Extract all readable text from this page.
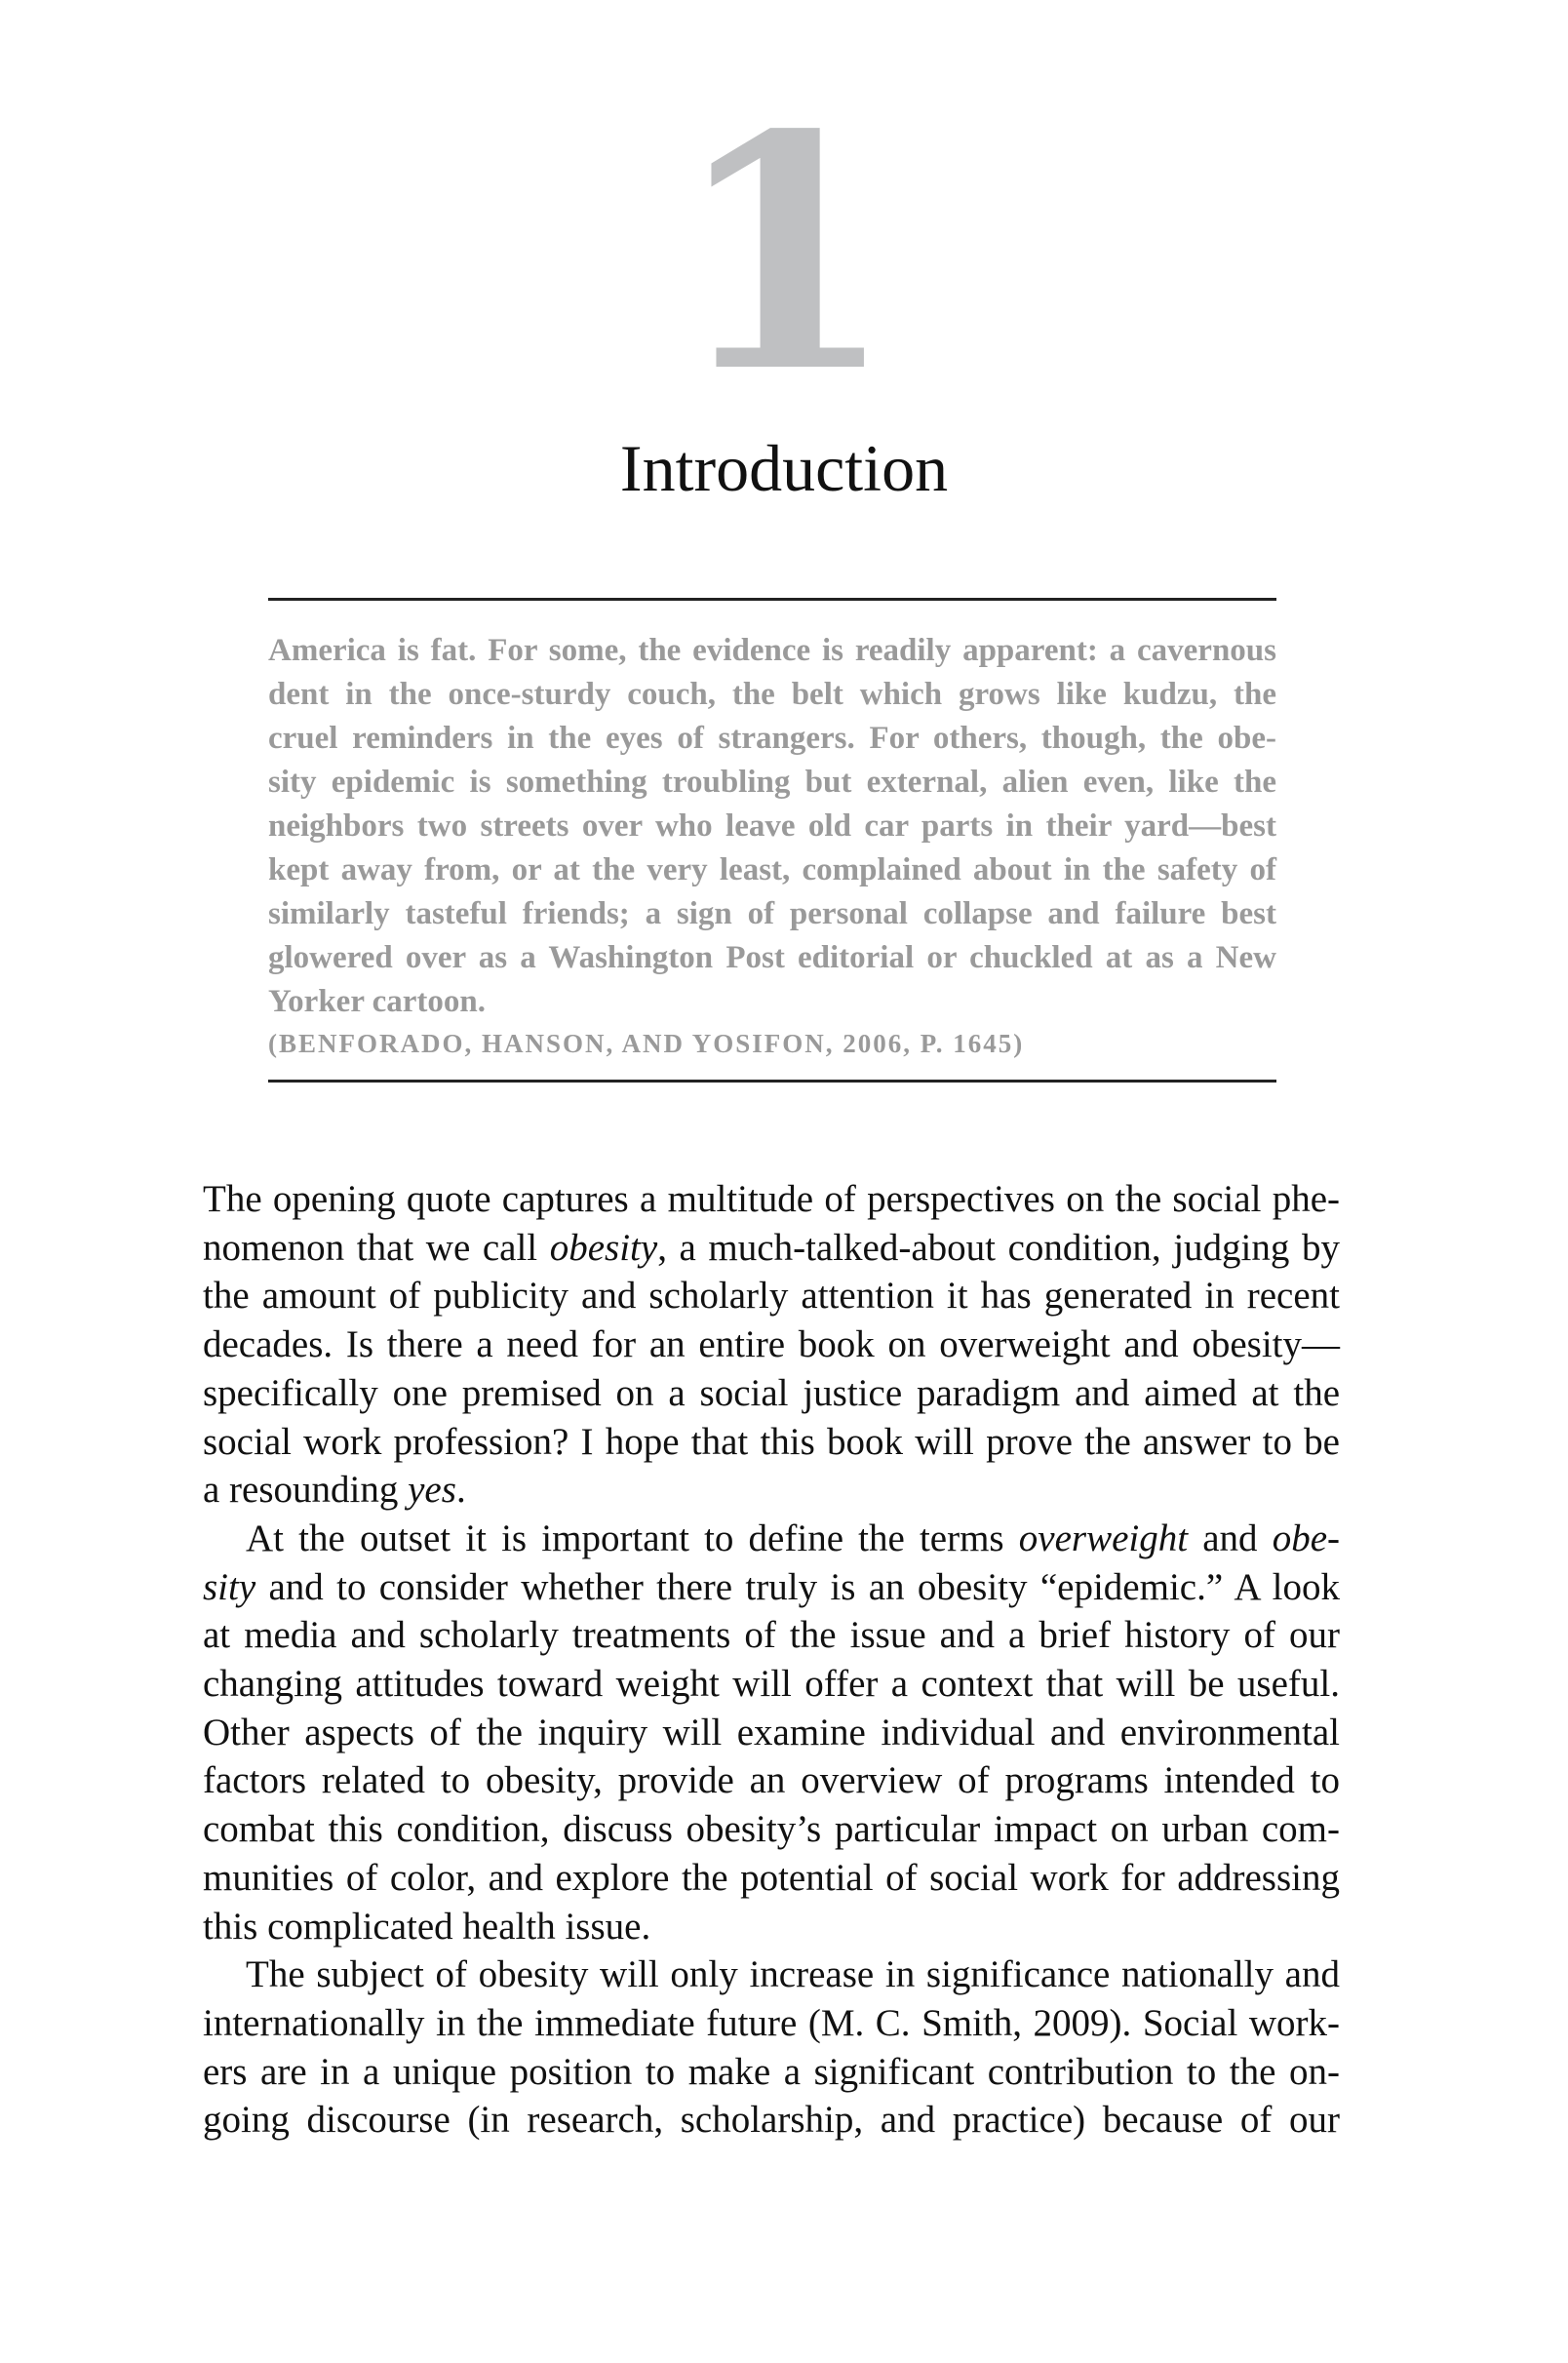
1
Introduction
America is fat. For some, the evidence is readily apparent: a cavernous
dent in the once-sturdy couch, the belt which grows like kudzu, the
cruel reminders in the eyes of strangers. For others, though, the obe-
sity epidemic is something troubling but external, alien even, like the
neighbors two streets over who leave old car parts in their yard—best
kept away from, or at the very least, complained about in the safety of
similarly tasteful friends; a sign of personal collapse and failure best
glowered over as a Washington Post editorial or chuckled at as a New
Yorker cartoon.
(BENFORADO, HANSON, AND YOSIFON, 2006, P. 1645)
The opening quote captures a multitude of perspectives on the social phe-
nomenon that we call obesity, a much-talked-about condition, judging by
the amount of publicity and scholarly attention it has generated in recent
decades. Is there a need for an entire book on overweight and obesity—
specifically one premised on a social justice paradigm and aimed at the
social work profession? I hope that this book will prove the answer to be
a resounding yes.
At the outset it is important to define the terms overweight and obe-
sity and to consider whether there truly is an obesity “epidemic.” A look
at media and scholarly treatments of the issue and a brief history of our
changing attitudes toward weight will offer a context that will be useful.
Other aspects of the inquiry will examine individual and environmental
factors related to obesity, provide an overview of programs intended to
combat this condition, discuss obesity’s particular impact on urban com-
munities of color, and explore the potential of social work for addressing
this complicated health issue.
The subject of obesity will only increase in significance nationally and
internationally in the immediate future (M. C. Smith, 2009). Social work-
ers are in a unique position to make a significant contribution to the on-
going discourse (in research, scholarship, and practice) because of our
